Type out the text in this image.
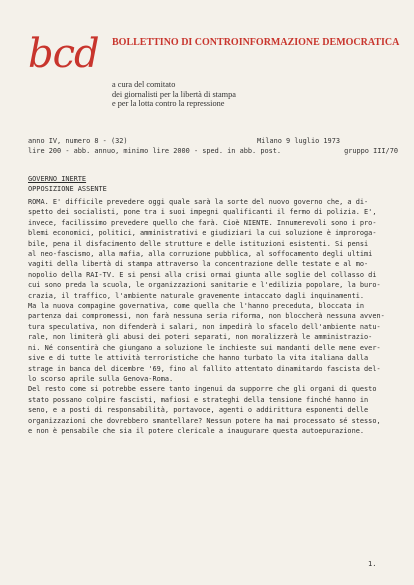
bcd BOLLETTINO DI CONTROINFORMAZIONE DEMOCRATICA
a cura del comitato
dei giornalisti per la libertà di stampa
e per la lotta contro la repressione
anno IV, numero 8 - (32)	Milano 9 luglio 1973
lire 200 - abb. annuo, minimo lire 2000 - sped. in abb. post.	gruppo III/70
GOVERNO INERTE
OPPOSIZIONE ASSENTE
ROMA. E' difficile prevedere oggi quale sarà la sorte del nuovo governo che, a di-
spetto dei socialisti, pone tra i suoi impegni qualificanti il fermo di polizia. E',
invece, facilissimo prevedere quello che farà. Cioè NIENTE. Innumerevoli sono i pro-
blemi economici, politici, amministrativi e giudiziari la cui soluzione è improroga-
bile, pena il disfacimento delle strutture e delle istituzioni esistenti. Si pensi
al neo-fascismo, alla mafia, alla corruzione pubblica, al soffocamento degli ultimi
vagiti della libertà di stampa attraverso la concentrazione delle testate e al mo-
nopolio della RAI-TV. E si pensi alla crisi ormai giunta alle soglie del collasso di
cui sono preda la scuola, le organizzazioni sanitarie e l'edilizia popolare, la buro-
crazia, il traffico, l'ambiente naturale gravemente intaccato dagli inquinamenti.
Ma la nuova compagine governativa, come quella che l'hanno preceduta, bloccata in
partenza dai compromessi, non farà nessuna seria riforma, non bloccherà nessuna avven-
tura speculativa, non difenderà i salari, non impedirà lo sfacelo dell'ambiente natu-
rale, non limiterà gli abusi dei poteri separati, non moralizzerà le amministrazio-
ni. Né consentirà che giungano a soluzione le inchieste sui mandanti delle mene ever-
sive e di tutte le attività terroristiche che hanno turbato la vita italiana dalla
strage in banca del dicembre '69, fino al fallito attentato dinamitardo fascista del-
lo scorso aprile sulla Genova-Roma.
Del resto come si potrebbe essere tanto ingenui da supporre che gli organi di questo
stato possano colpire fascisti, mafiosi e strateghi della tensione finché hanno in
seno, e a posti di responsabilità, portavoce, agenti o addirittura esponenti delle
organizzazioni che dovrebbero smantellare? Nessun potere ha mai processato sé stesso,
e non è pensabile che sia il potere clericale a inaugurare questa autoepurazione.
1.
